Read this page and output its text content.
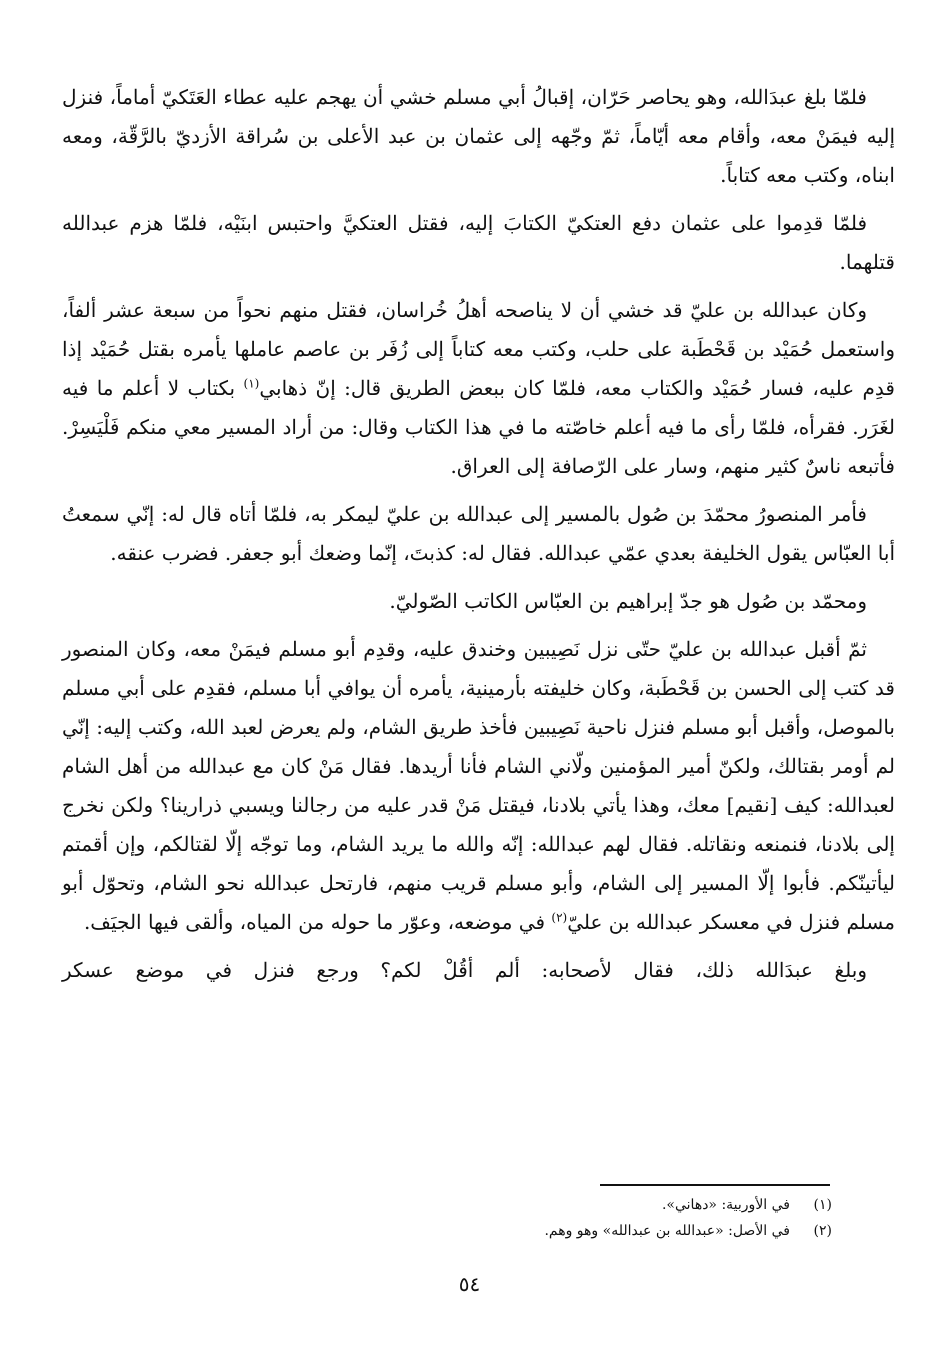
فلمّا بلغ عبدَالله، وهو يحاصر حَرّان، إقبالُ أبي مسلم خشي أن يهجم عليه عطاء العَتَكيّ أماماً، فنزل إليه فيمَنْ معه، وأقام معه أيّاماً، ثمّ وجّهه إلى عثمان بن عبد الأعلى بن سُراقة الأزديّ بالرَّقّة، ومعه ابناه، وكتب معه كتاباً.

فلمّا قدِموا على عثمان دفع العتكيّ الكتابَ إليه، فقتل العتكيَّ واحتبس ابنَيْه، فلمّا هزم عبدالله قتلهما.

وكان عبدالله بن عليّ قد خشي أن لا يناصحه أهلُ خُراسان، فقتل منهم نحواً من سبعة عشر ألفاً، واستعمل حُمَيْد بن قَحْطَبة على حلب، وكتب معه كتاباً إلى زُفَر بن عاصم عاملها يأمره بقتل حُمَيْد إذا قدِم عليه، فسار حُمَيْد والكتاب معه، فلمّا كان ببعض الطريق قال: إنّ ذهابي$^{(١)}$ بكتاب لا أعلم ما فيه لغَرَر. فقرأه، فلمّا رأى ما فيه أعلم خاصّته ما في هذا الكتاب وقال: من أراد المسير معي منكم فَلْيَسِرْ. فأتبعه ناسٌ كثير منهم، وسار على الرّصافة إلى العراق.

فأمر المنصورُ محمّدَ بن صُول بالمسير إلى عبدالله بن عليّ ليمكر به، فلمّا أتاه قال له: إنّي سمعتُ أبا العبّاس يقول الخليفة بعدي عمّي عبدالله. فقال له: كذبتَ، إنّما وضعك أبو جعفر. فضرب عنقه.

ومحمّد بن صُول هو جدّ إبراهيم بن العبّاس الكاتب الصّوليّ.

ثمّ أقبل عبدالله بن عليّ حتّى نزل نَصِيبين وخندق عليه، وقدِم أبو مسلم فيمَنْ معه، وكان المنصور قد كتب إلى الحسن بن قَحْطَبة، وكان خليفته بأرمينية، يأمره أن يوافي أبا مسلم، فقدِم على أبي مسلم بالموصل، وأقبل أبو مسلم فنزل ناحية نَصِيبين فأخذ طريق الشام، ولم يعرض لعبد الله، وكتب إليه: إنّي لم أومر بقتالك، ولكنّ أمير المؤمنين ولّاني الشام فأنا أريدها. فقال مَنْ كان مع عبدالله من أهل الشام لعبدالله: كيف [نقيم] معك، وهذا يأتي بلادنا، فيقتل مَنْ قدر عليه من رجالنا ويسبي ذرارينا؟ ولكن نخرج إلى بلادنا، فنمنعه ونقاتله. فقال لهم عبدالله: إنّه والله ما يريد الشام، وما توجّه إلّا لقتالكم، وإن أقمتم ليأتينّكم. فأبوا إلّا المسير إلى الشام، وأبو مسلم قريب منهم، فارتحل عبدالله نحو الشام، وتحوّل أبو مسلم فنزل في معسكر عبدالله بن عليّ$^{(٢)}$ في موضعه، وعوّر ما حوله من المياه، وألقى فيها الجيَف.

وبلغ عبدَالله ذلك، فقال لأصحابه: ألم أقُلْ لكم؟ ورجع فنزل في موضع عسكر

(١)في الأوربية: «دهاني».

(٢)في الأصل: «عبدالله بن عبدالله» وهو وهم.

٥٤
